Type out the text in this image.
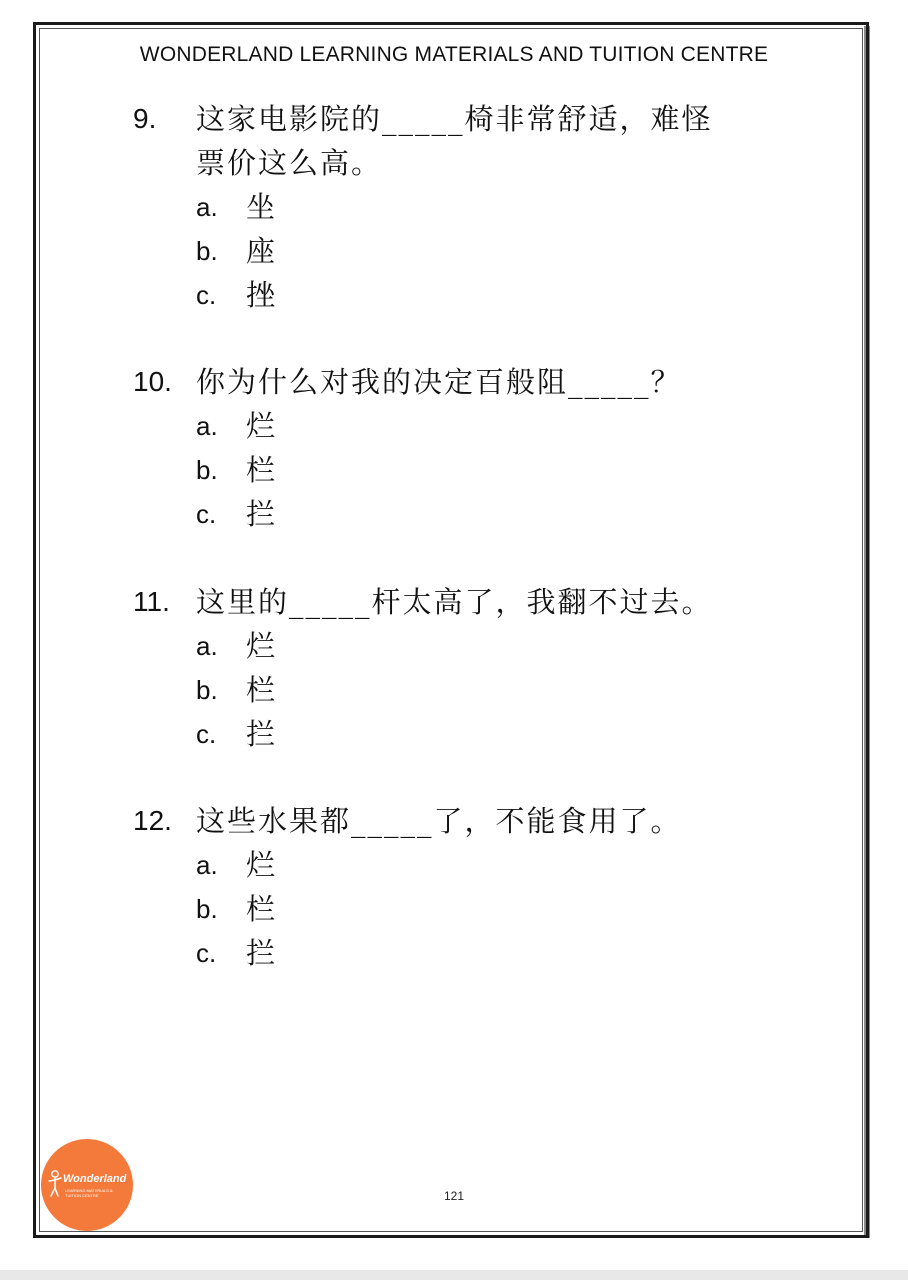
WONDERLAND LEARNING MATERIALS AND TUITION CENTRE
9. 这家电影院的_____椅非常舒适，难怪
票价这么高。
a. 坐
b. 座
c. 挫
10. 你为什么对我的决定百般阻_____？
a. 烂
b. 栏
c. 拦
11. 这里的_____杆太高了，我翻不过去。
a. 烂
b. 栏
c. 拦
12. 这些水果都_____了，不能食用了。
a. 烂
b. 栏
c. 拦
Wonderland
LEARNING MATERIALS & TUITION CENTRE	121
